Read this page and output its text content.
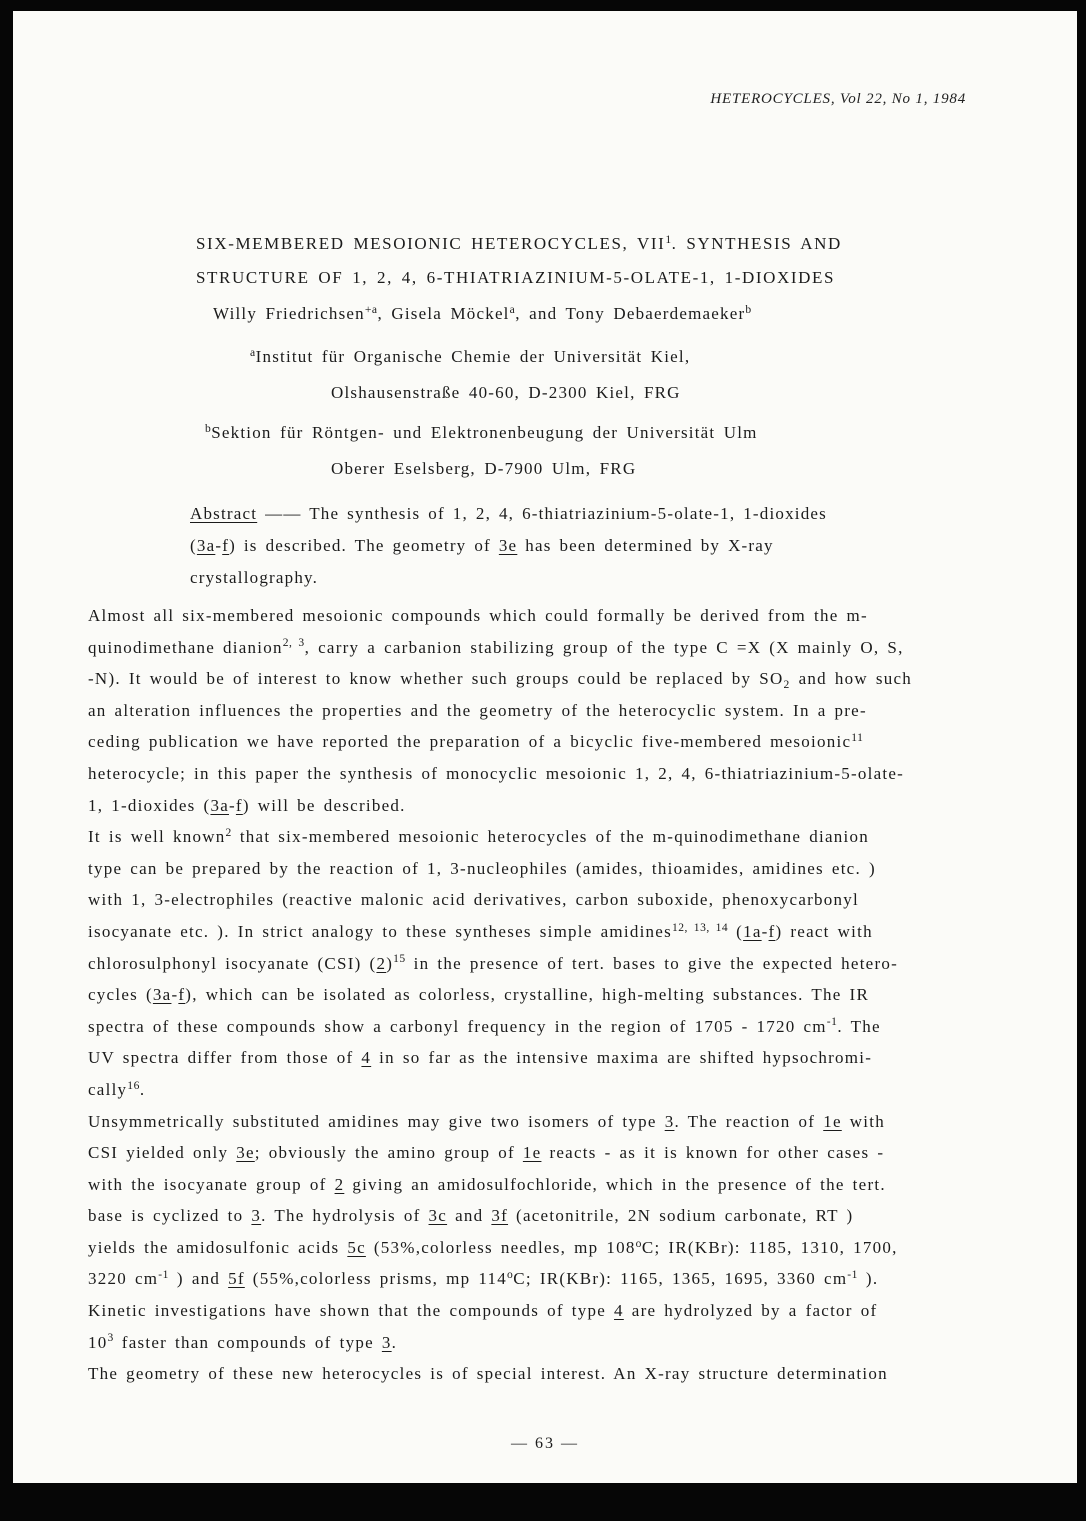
HETEROCYCLES, Vol 22, No 1, 1984
SIX-MEMBERED MESOIONIC HETEROCYCLES, VII$^1$. SYNTHESIS AND
STRUCTURE OF 1, 2, 4, 6-THIATRIAZINIUM-5-OLATE-1, 1-DIOXIDES
Willy Friedrichsen$^{+a}$, Gisela Möckel$^a$, and Tony Debaerdemaeker$^b$
$^a$Institut für Organische Chemie der Universität Kiel,
Olshausenstraße 40-60, D-2300 Kiel, FRG
$^b$Sektion für Röntgen- und Elektronenbeugung der Universität Ulm
Oberer Eselsberg, D-7900 Ulm, FRG
Abstract —— The synthesis of 1, 2, 4, 6-thiatriazinium-5-olate-1, 1-dioxides
(3a-f) is described. The geometry of 3e has been determined by X-ray
crystallography.
Almost all six-membered mesoionic compounds which could formally be derived from the m-
quinodimethane dianion$^{2, 3}$, carry a carbanion stabilizing group of the type C =X (X mainly O, S,
-N). It would be of interest to know whether such groups could be replaced by $SO_2$ and how such
an alteration influences the properties and the geometry of the heterocyclic system. In a pre-
ceding publication we have reported the preparation of a bicyclic five-membered mesoionic$^{11}$
heterocycle; in this paper the synthesis of monocyclic mesoionic 1, 2, 4, 6-thiatriazinium-5-olate-
1, 1-dioxides (3a-f) will be described.
It is well known$^2$ that six-membered mesoionic heterocycles of the m-quinodimethane dianion
type can be prepared by the reaction of 1, 3-nucleophiles (amides, thioamides, amidines etc. )
with 1, 3-electrophiles (reactive malonic acid derivatives, carbon suboxide, phenoxycarbonyl
isocyanate etc. ). In strict analogy to these syntheses simple amidines$^{12, 13, 14}$ (1a-f) react with
chlorosulphonyl isocyanate (CSI) $(2)^{15}$ in the presence of tert. bases to give the expected hetero-
cycles (3a-f), which can be isolated as colorless, crystalline, high-melting substances. The IR
spectra of these compounds show a carbonyl frequency in the region of 1705 - 1720 $cm^{-1}$. The
UV spectra differ from those of 4 in so far as the intensive maxima are shifted hypsochromi-
cally$^{16}$.
Unsymmetrically substituted amidines may give two isomers of type 3. The reaction of 1e with
CSI yielded only 3e; obviously the amino group of 1e reacts - as it is known for other cases -
with the isocyanate group of 2 giving an amidosulfochloride, which in the presence of the tert.
base is cyclized to 3. The hydrolysis of 3c and 3f (acetonitrile, 2N sodium carbonate, RT )
yields the amidosulfonic acids 5c (53%,colorless needles, mp 108$^o$C; IR(KBr): 1185, 1310, 1700,
3220 $cm^{-1}$ ) and 5f (55%,colorless prisms, mp 114$^o$C; IR(KBr): 1165, 1365, 1695, 3360 $cm^{-1}$ ).
Kinetic investigations have shown that the compounds of type 4 are hydrolyzed by a factor of
$10^3$ faster than compounds of type 3.
The geometry of these new heterocycles is of special interest. An X-ray structure determination
— 63 —
